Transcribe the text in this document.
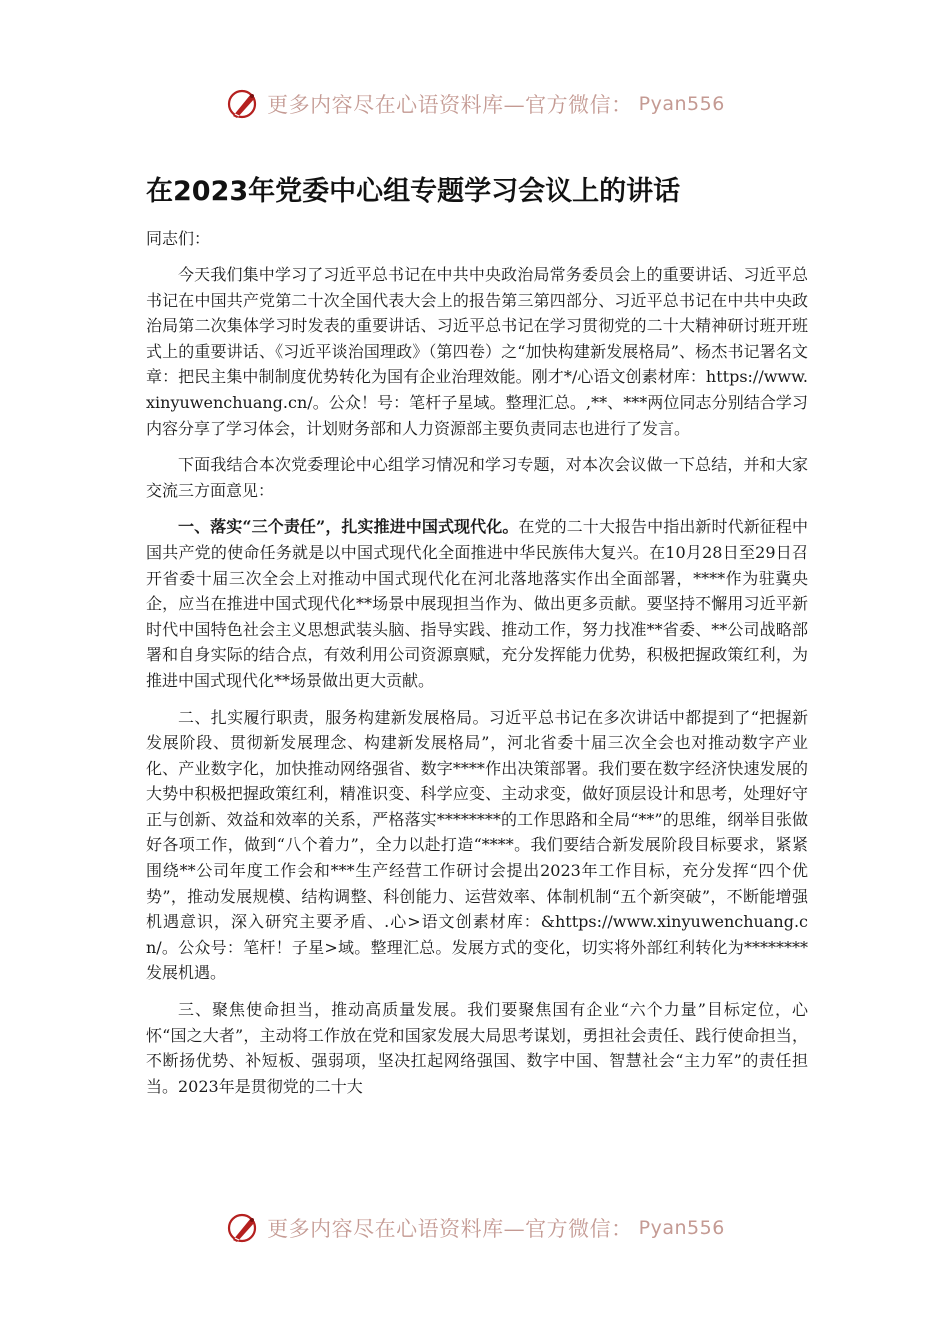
更多内容尽在心语资料库—官方微信： Pyan556
在2023年党委中心组专题学习会议上的讲话

同志们：

今天我们集中学习了习近平总书记在中共中央政治局常务委员会上的重要讲话、习近平总书记在中国共产党第二十次全国代表大会上的报告第三第四部分、习近平总书记在中共中央政治局第二次集体学习时发表的重要讲话、习近平总书记在学习贯彻党的二十大精神研讨班开班式上的重要讲话、《习近平谈治国理政》（第四卷）之“加快构建新发展格局”、杨杰书记署名文章：把民主集中制制度优势转化为国有企业治理效能。刚才*/心语文创素材库：https://www.xinyuwenchuang.cn/。公众！号：笔杆子星域。整理汇总。,**、***两位同志分别结合学习内容分享了学习体会，计划财务部和人力资源部主要负责同志也进行了发言。

下面我结合本次党委理论中心组学习情况和学习专题，对本次会议做一下总结，并和大家交流三方面意见：

一、落实“三个责任”，扎实推进中国式现代化。在党的二十大报告中指出新时代新征程中国共产党的使命任务就是以中国式现代化全面推进中华民族伟大复兴。在10月28日至29日召开省委十届三次全会上对推动中国式现代化在河北落地落实作出全面部署，****作为驻冀央企，应当在推进中国式现代化**场景中展现担当作为、做出更多贡献。要坚持不懈用习近平新时代中国特色社会主义思想武装头脑、指导实践、推动工作，努力找准**省委、**公司战略部署和自身实际的结合点，有效利用公司资源禀赋，充分发挥能力优势，积极把握政策红利，为推进中国式现代化**场景做出更大贡献。

二、扎实履行职责，服务构建新发展格局。习近平总书记在多次讲话中都提到了“把握新发展阶段、贯彻新发展理念、构建新发展格局”，河北省委十届三次全会也对推动数字产业化、产业数字化，加快推动网络强省、数字****作出决策部署。我们要在数字经济快速发展的大势中积极把握政策红利，精准识变、科学应变、主动求变，做好顶层设计和思考，处理好守正与创新、效益和效率的关系，严格落实********的工作思路和全局“**”的思维，纲举目张做好各项工作，做到“八个着力”，全力以赴打造“****。我们要结合新发展阶段目标要求，紧紧围绕**公司年度工作会和***生产经营工作研讨会提出2023年工作目标，充分发挥“四个优势”，推动发展规模、结构调整、科创能力、运营效率、体制机制“五个新突破”，不断能增强机遇意识，深入研究主要矛盾、.心>语文创素材库：&https://www.xinyuwenchuang.cn/。公众号：笔杆！子星>域。整理汇总。发展方式的变化，切实将外部红利转化为********发展机遇。

三、聚焦使命担当，推动高质量发展。我们要聚焦国有企业“六个力量”目标定位，心怀“国之大者”，主动将工作放在党和国家发展大局思考谋划，勇担社会责任、践行使命担当，不断扬优势、补短板、强弱项，坚决扛起网络强国、数字中国、智慧社会“主力军”的责任担当。2023年是贯彻党的二十大

更多内容尽在心语资料库—官方微信： Pyan556
